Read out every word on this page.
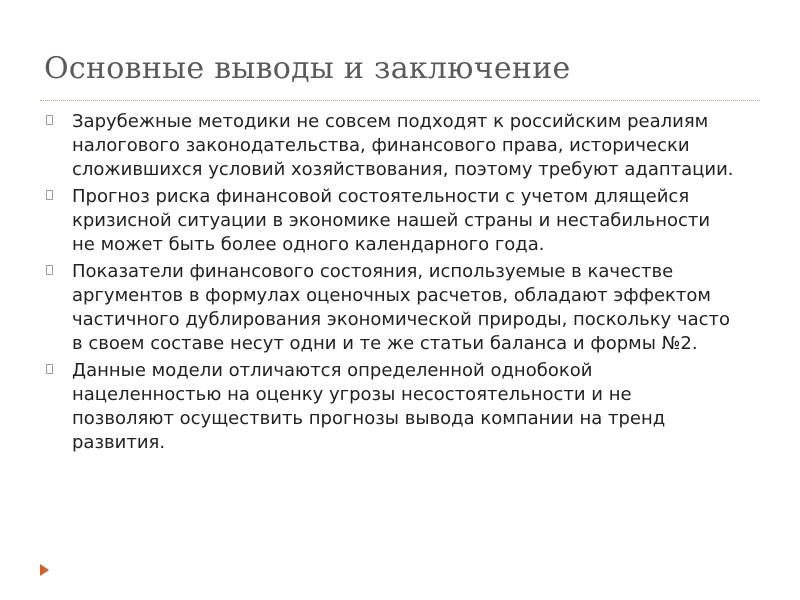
Основные выводы и заключение
Зарубежные методики не совсем подходят к российским реалиям налогового законодательства, финансового права, исторически сложившихся условий хозяйствования, поэтому требуют адаптации.
Прогноз риска финансовой состоятельности с учетом длящейся кризисной ситуации в экономике нашей страны и нестабильности не может быть более одного календарного года.
Показатели финансового состояния, используемые в качестве аргументов в формулах оценочных расчетов, обладают эффектом частичного дублирования экономической природы, поскольку часто в своем составе несут одни и те же статьи баланса и формы №2.
Данные модели отличаются определенной однобокой нацеленностью на оценку угрозы несостоятельности и не позволяют осуществить прогнозы вывода компании на тренд развития.
